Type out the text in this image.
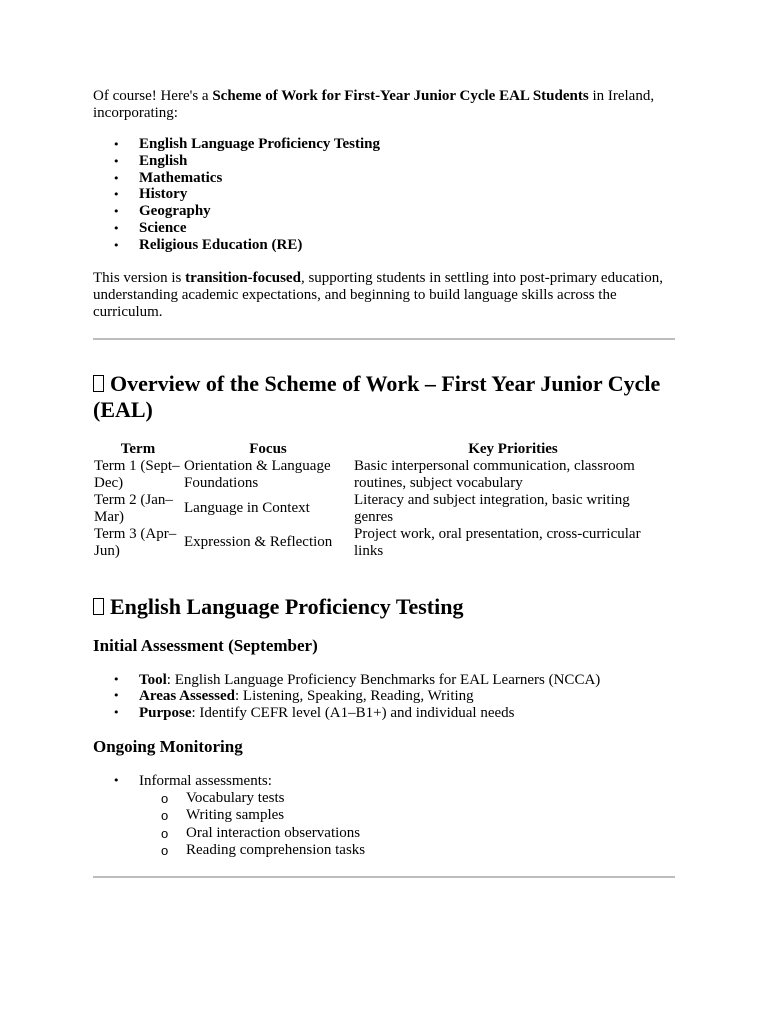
Of course! Here's a Scheme of Work for First-Year Junior Cycle EAL Students in Ireland, incorporating:

• English Language Proficiency Testing
• English
• Mathematics
• History
• Geography
• Science
• Religious Education (RE)

This version is transition-focused, supporting students in settling into post-primary education, understanding academic expectations, and beginning to build language skills across the curriculum.

Overview of the Scheme of Work – First Year Junior Cycle (EAL)
Term	Focus	Key Priorities
Term 1 (Sept–Dec)	Orientation & Language Foundations	Basic interpersonal communication, classroom routines, subject vocabulary
Term 2 (Jan–Mar)	Language in Context	Literacy and subject integration, basic writing genres
Term 3 (Apr–Jun)	Expression & Reflection	Project work, oral presentation, cross-curricular links
English Language Proficiency Testing
Initial Assessment (September)
• Tool: English Language Proficiency Benchmarks for EAL Learners (NCCA)
• Areas Assessed: Listening, Speaking, Reading, Writing
• Purpose: Identify CEFR level (A1–B1+) and individual needs
Ongoing Monitoring
• Informal assessments:
o Vocabulary tests
o Writing samples
o Oral interaction observations
o Reading comprehension tasks
